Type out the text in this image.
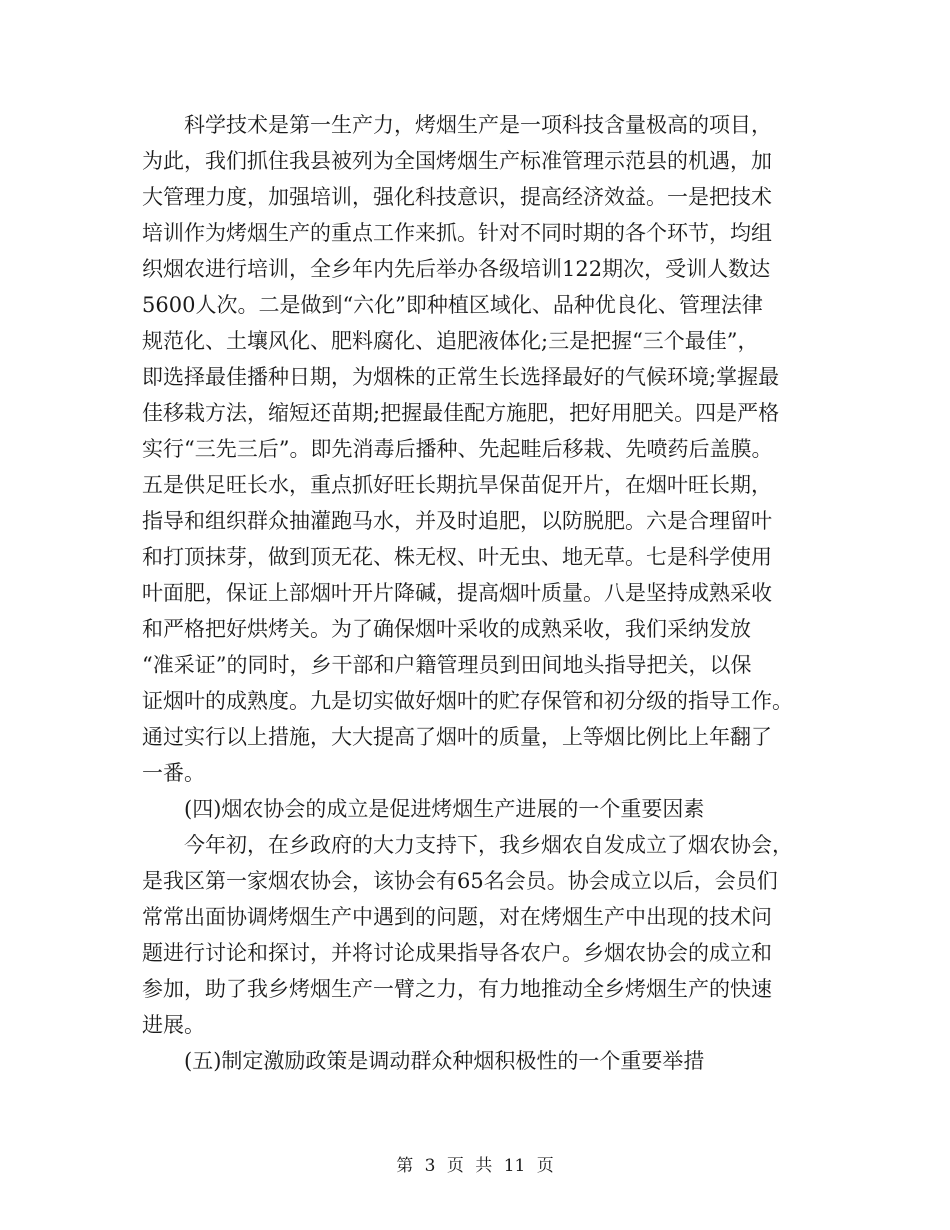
科学技术是第一生产力，烤烟生产是一项科技含量极高的项目，
为此，我们抓住我县被列为全国烤烟生产标准管理示范县的机遇，加
大管理力度，加强培训，强化科技意识，提高经济效益。一是把技术
培训作为烤烟生产的重点工作来抓。针对不同时期的各个环节，均组
织烟农进行培训，全乡年内先后举办各级培训122期次，受训人数达
5600人次。二是做到“六化”即种植区域化、品种优良化、管理法律
规范化、土壤风化、肥料腐化、追肥液体化;三是把握“三个最佳”，
即选择最佳播种日期，为烟株的正常生长选择最好的气候环境;掌握最
佳移栽方法，缩短还苗期;把握最佳配方施肥，把好用肥关。四是严格
实行“三先三后”。即先消毒后播种、先起畦后移栽、先喷药后盖膜。
五是供足旺长水，重点抓好旺长期抗旱保苗促开片，在烟叶旺长期，
指导和组织群众抽灌跑马水，并及时追肥，以防脱肥。六是合理留叶
和打顶抹芽，做到顶无花、株无杈、叶无虫、地无草。七是科学使用
叶面肥，保证上部烟叶开片降碱，提高烟叶质量。八是坚持成熟采收
和严格把好烘烤关。为了确保烟叶采收的成熟采收，我们采纳发放
“准采证”的同时，乡干部和户籍管理员到田间地头指导把关，以保
证烟叶的成熟度。九是切实做好烟叶的贮存保管和初分级的指导工作。
通过实行以上措施，大大提高了烟叶的质量，上等烟比例比上年翻了
一番。
(四)烟农协会的成立是促进烤烟生产进展的一个重要因素
今年初，在乡政府的大力支持下，我乡烟农自发成立了烟农协会，
是我区第一家烟农协会，该协会有65名会员。协会成立以后，会员们
常常出面协调烤烟生产中遇到的问题，对在烤烟生产中出现的技术问
题进行讨论和探讨，并将讨论成果指导各农户。乡烟农协会的成立和
参加，助了我乡烤烟生产一臂之力，有力地推动全乡烤烟生产的快速
进展。
(五)制定激励政策是调动群众种烟积极性的一个重要举措
第 3 页 共 11 页
